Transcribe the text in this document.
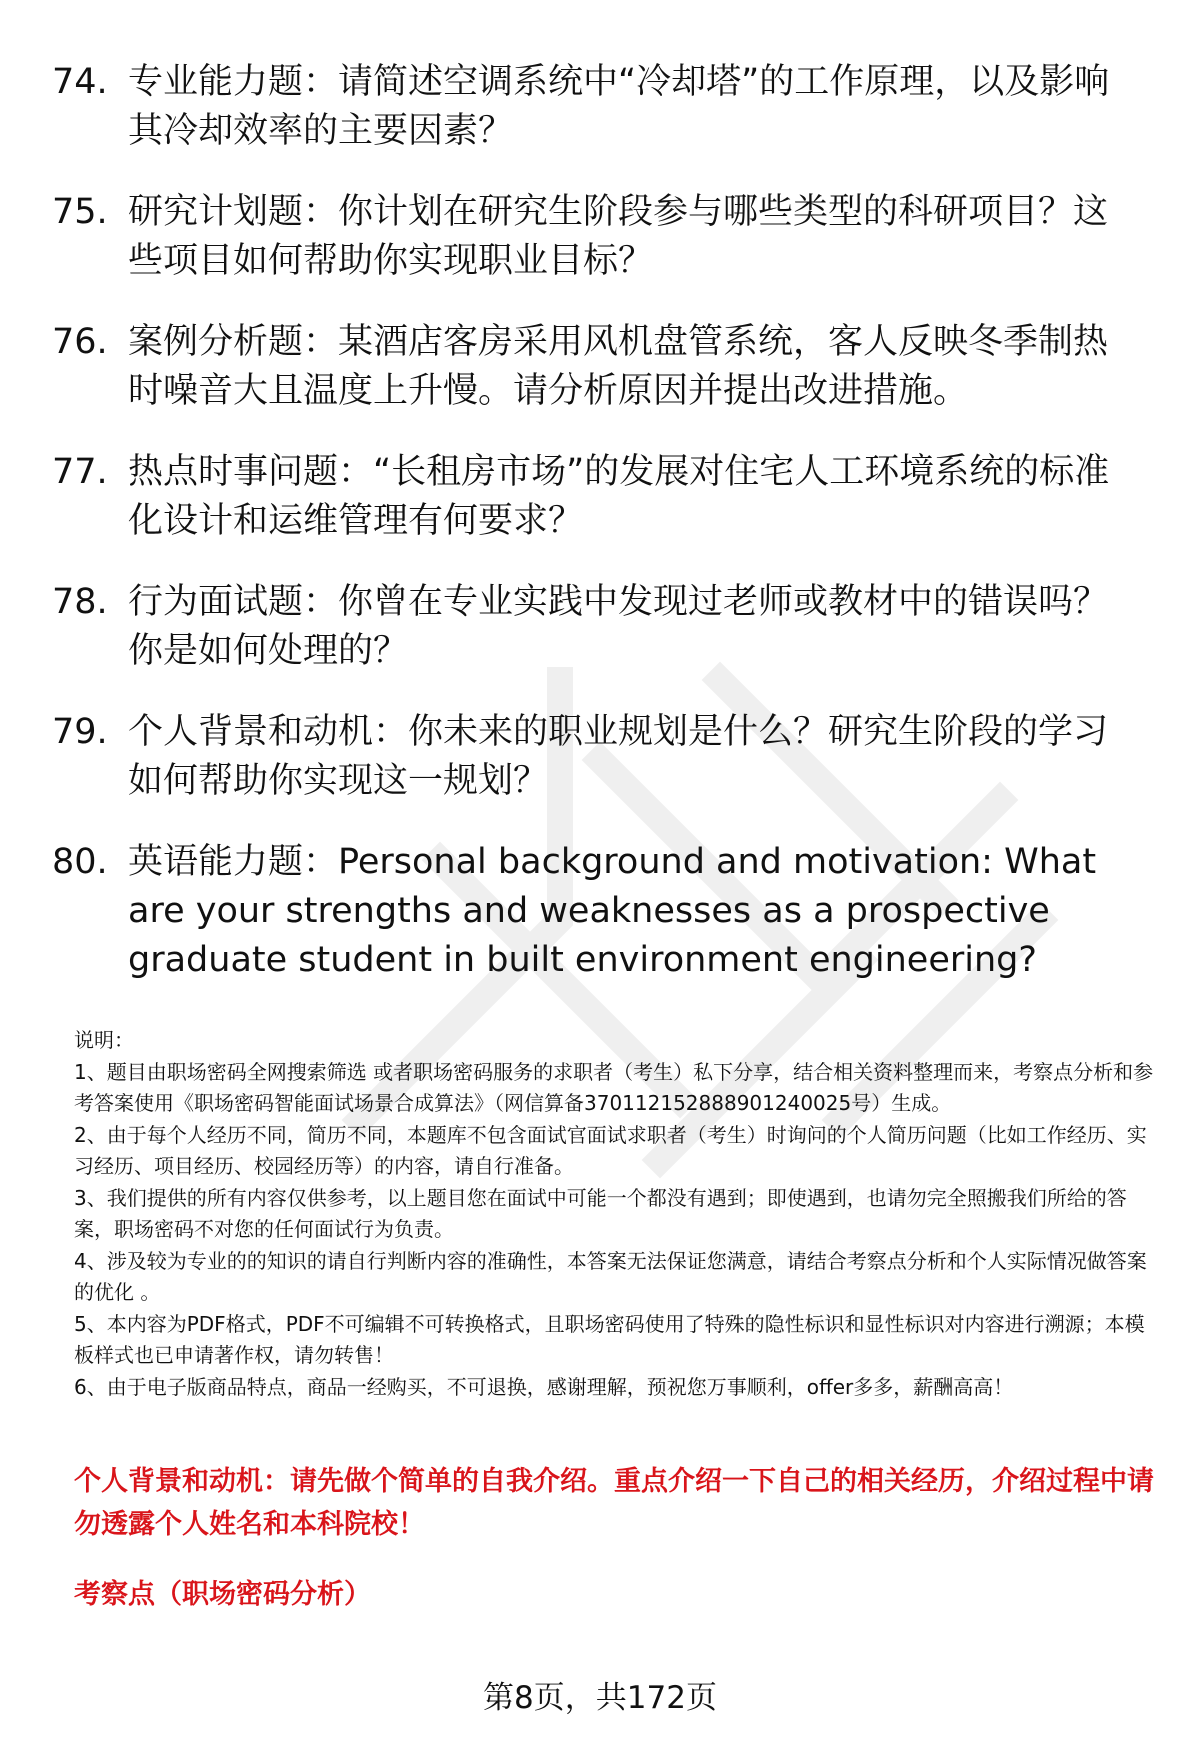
74. 专业能力题：请简述空调系统中“冷却塔”的工作原理，以及影响其冷却效率的主要因素？
75. 研究计划题：你计划在研究生阶段参与哪些类型的科研项目？这些项目如何帮助你实现职业目标？
76. 案例分析题：某酒店客房采用风机盘管系统，客人反映冬季制热时噪音大且温度上升慢。请分析原因并提出改进措施。
77. 热点时事问题：“长租房市场”的发展对住宅人工环境系统的标准化设计和运维管理有何要求？
78. 行为面试题：你曾在专业实践中发现过老师或教材中的错误吗？你是如何处理的？
79. 个人背景和动机：你未来的职业规划是什么？研究生阶段的学习如何帮助你实现这一规划？
80. 英语能力题：Personal background and motivation: What are your strengths and weaknesses as a prospective graduate student in built environment engineering?

说明：

1、题目由职场密码全网搜索筛选 或者职场密码服务的求职者（考生）私下分享，结合相关资料整理而来，考察点分析和参考答案使用《职场密码智能面试场景合成算法》（网信算备370112152888901240025号）生成。

2、由于每个人经历不同，简历不同，本题库不包含面试官面试求职者（考生）时询问的个人简历问题（比如工作经历、实习经历、项目经历、校园经历等）的内容，请自行准备。

3、我们提供的所有内容仅供参考，以上题目您在面试中可能一个都没有遇到；即使遇到，也请勿完全照搬我们所给的答案，职场密码不对您的任何面试行为负责。

4、涉及较为专业的的知识的请自行判断内容的准确性，本答案无法保证您满意，请结合考察点分析和个人实际情况做答案的优化 。

5、本内容为PDF格式，PDF不可编辑不可转换格式，且职场密码使用了特殊的隐性标识和显性标识对内容进行溯源；本模板样式也已申请著作权，请勿转售！

6、由于电子版商品特点，商品一经购买，不可退换，感谢理解，预祝您万事顺利，offer多多，薪酬高高！

个人背景和动机：请先做个简单的自我介绍。重点介绍一下自己的相关经历，介绍过程中请勿透露个人姓名和本科院校！

考察点（职场密码分析）

第8页，共172页
